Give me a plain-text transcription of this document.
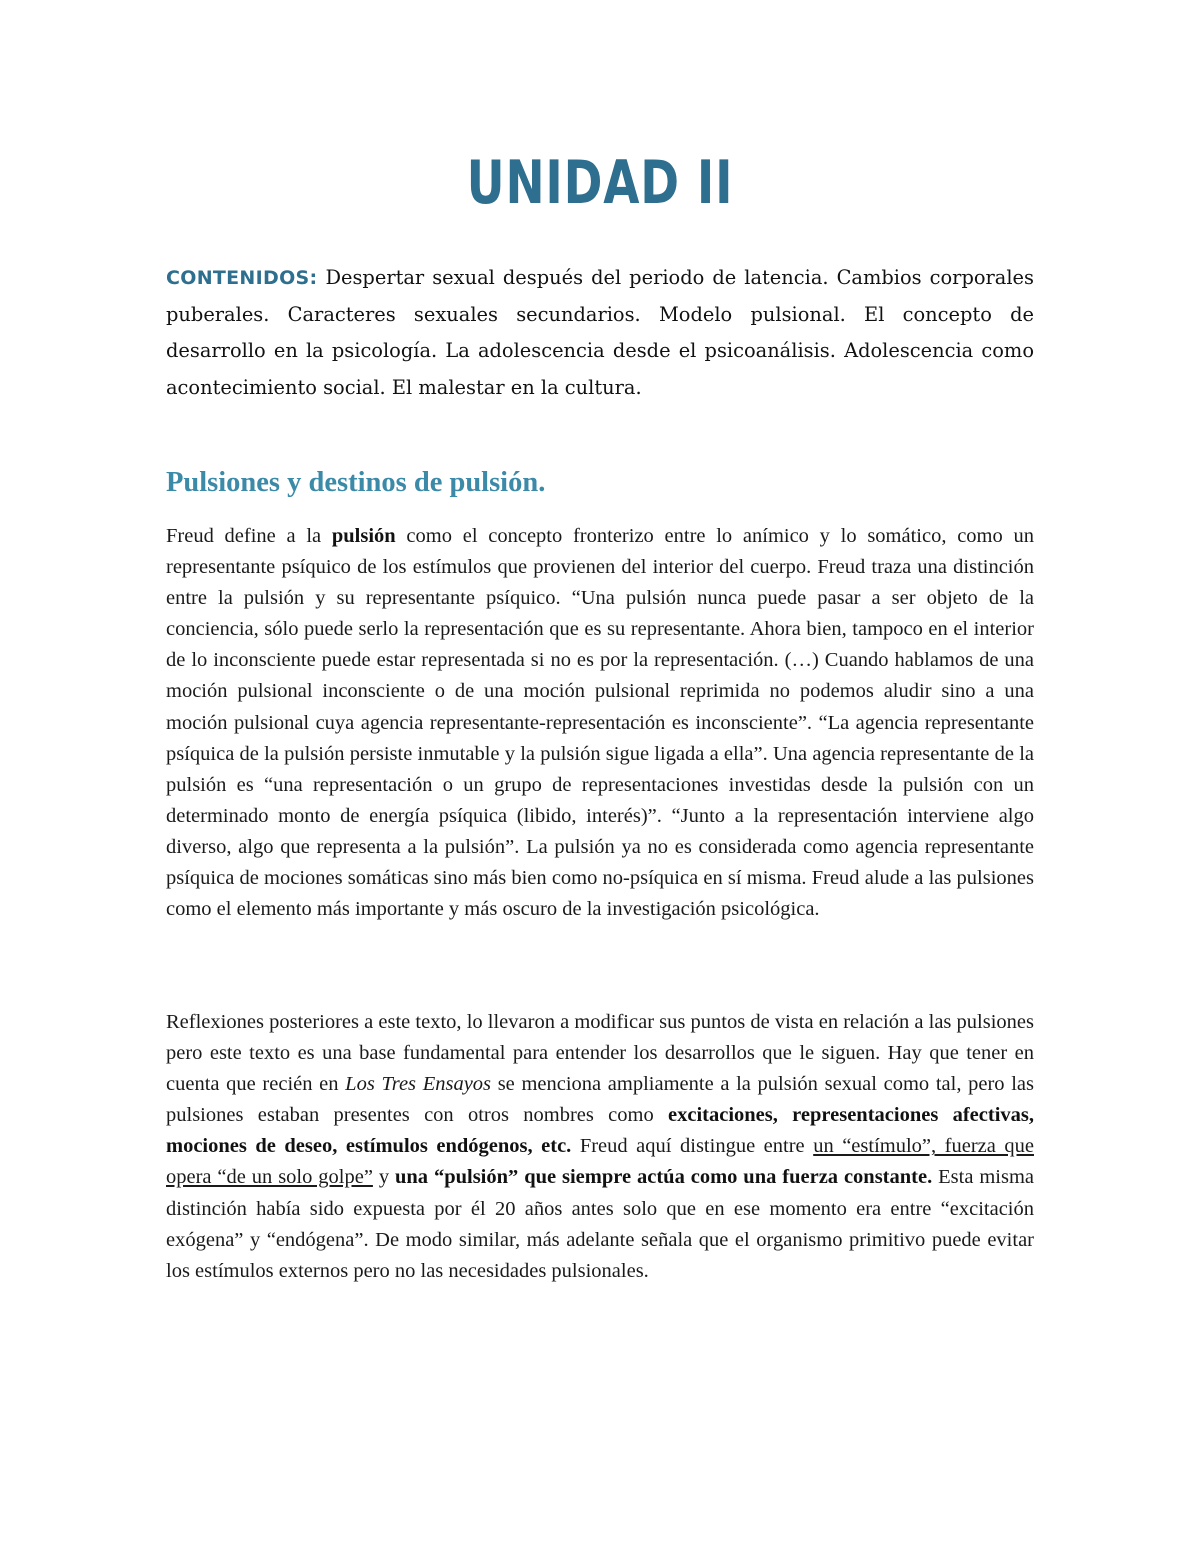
UNIDAD II
CONTENIDOS: Despertar sexual después del periodo de latencia. Cambios corporales puberales. Caracteres sexuales secundarios. Modelo pulsional. El concepto de desarrollo en la psicología. La adolescencia desde el psicoanálisis. Adolescencia como acontecimiento social. El malestar en la cultura.
Pulsiones y destinos de pulsión.
Freud define a la pulsión como el concepto fronterizo entre lo anímico y lo somático, como un representante psíquico de los estímulos que provienen del interior del cuerpo. Freud traza una distinción entre la pulsión y su representante psíquico. “Una pulsión nunca puede pasar a ser objeto de la conciencia, sólo puede serlo la representación que es su representante. Ahora bien, tampoco en el interior de lo inconsciente puede estar representada si no es por la representación. (…) Cuando hablamos de una moción pulsional inconsciente o de una moción pulsional reprimida no podemos aludir sino a una moción pulsional cuya agencia representante-representación es inconsciente”. “La agencia representante psíquica de la pulsión persiste inmutable y la pulsión sigue ligada a ella”. Una agencia representante de la pulsión es “una representación o un grupo de representaciones investidas desde la pulsión con un determinado monto de energía psíquica (libido, interés)”. “Junto a la representación interviene algo diverso, algo que representa a la pulsión”. La pulsión ya no es considerada como agencia representante psíquica de mociones somáticas sino más bien como no-psíquica en sí misma. Freud alude a las pulsiones como el elemento más importante y más oscuro de la investigación psicológica.
Reflexiones posteriores a este texto, lo llevaron a modificar sus puntos de vista en relación a las pulsiones pero este texto es una base fundamental para entender los desarrollos que le siguen. Hay que tener en cuenta que recién en Los Tres Ensayos se menciona ampliamente a la pulsión sexual como tal, pero las pulsiones estaban presentes con otros nombres como excitaciones, representaciones afectivas, mociones de deseo, estímulos endógenos, etc. Freud aquí distingue entre un “estímulo”, fuerza que opera “de un solo golpe” y una “pulsión” que siempre actúa como una fuerza constante. Esta misma distinción había sido expuesta por él 20 años antes solo que en ese momento era entre “excitación exógena” y “endógena”. De modo similar, más adelante señala que el organismo primitivo puede evitar los estímulos externos pero no las necesidades pulsionales.
